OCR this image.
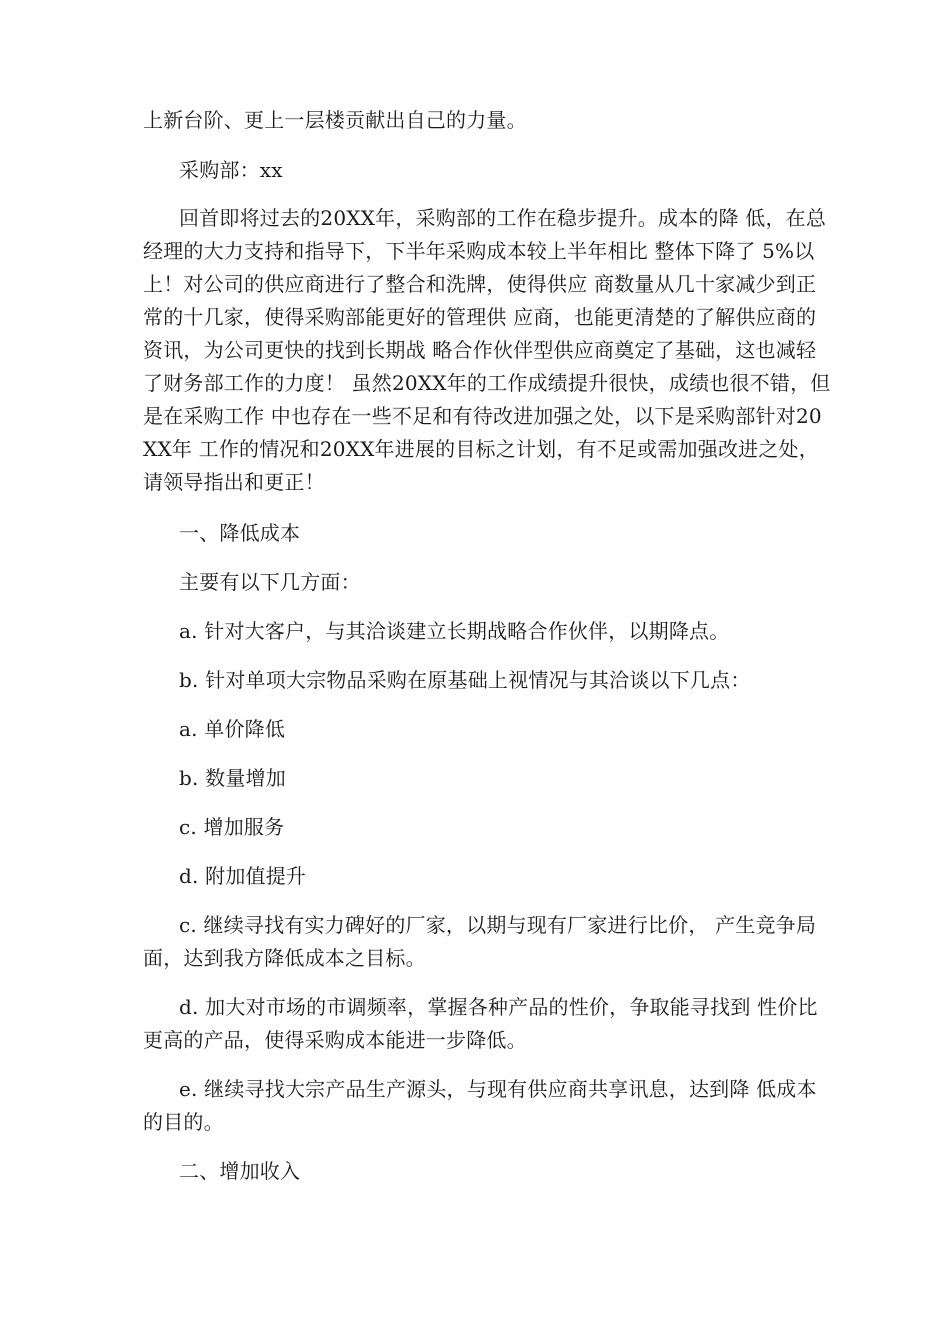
上新台阶、更上一层楼贡献出自己的力量。

采购部：xx

回首即将过去的20XX年，采购部的工作在稳步提升。成本的降 低，在总经理的大力支持和指导下，下半年采购成本较上半年相比 整体下降了 5%以上！对公司的供应商进行了整合和洗牌，使得供应 商数量从几十家减少到正常的十几家，使得采购部能更好的管理供 应商，也能更清楚的了解供应商的资讯，为公司更快的找到长期战 略合作伙伴型供应商奠定了基础，这也减轻了财务部工作的力度！ 虽然20XX年的工作成绩提升很快，成绩也很不错，但是在采购工作 中也存在一些不足和有待改进加强之处，以下是采购部针对20XX年 工作的情况和20XX年进展的目标之计划，有不足或需加强改进之处， 请领导指出和更正！

一、降低成本

主要有以下几方面：

a. 针对大客户，与其洽谈建立长期战略合作伙伴，以期降点。

b. 针对单项大宗物品采购在原基础上视情况与其洽谈以下几点：

a. 单价降低

b. 数量增加

c. 增加服务

d. 附加值提升

c. 继续寻找有实力碑好的厂家，以期与现有厂家进行比价， 产生竞争局面，达到我方降低成本之目标。

d. 加大对市场的市调频率，掌握各种产品的性价，争取能寻找到 性价比更高的产品，使得采购成本能进一步降低。

e. 继续寻找大宗产品生产源头，与现有供应商共享讯息，达到降 低成本的目的。

二、增加收入
